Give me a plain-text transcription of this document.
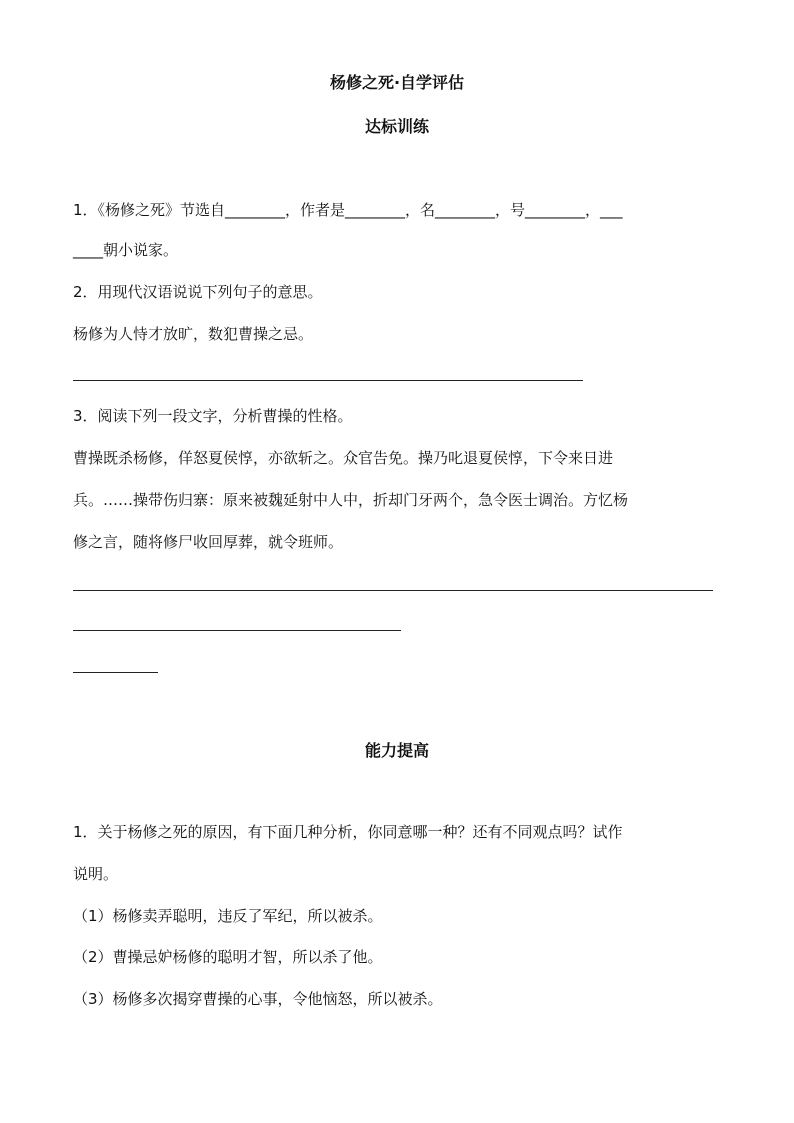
杨修之死·自学评估
达标训练
1．《杨修之死》节选自________，作者是________，名________，号________，___
____朝小说家。
2．用现代汉语说说下列句子的意思。
杨修为人恃才放旷，数犯曹操之忌。
3．阅读下列一段文字，分析曹操的性格。
曹操既杀杨修，佯怒夏侯惇，亦欲斩之。众官告免。操乃叱退夏侯惇，下令来日进
兵。……操带伤归寨：原来被魏延射中人中，折却门牙两个，急令医士调治。方忆杨
修之言，随将修尸收回厚葬，就令班师。
能力提高
1．关于杨修之死的原因，有下面几种分析，你同意哪一种？还有不同观点吗？试作
说明。
（1）杨修卖弄聪明，违反了军纪，所以被杀。
（2）曹操忌妒杨修的聪明才智，所以杀了他。
（3）杨修多次揭穿曹操的心事，令他恼怒，所以被杀。
